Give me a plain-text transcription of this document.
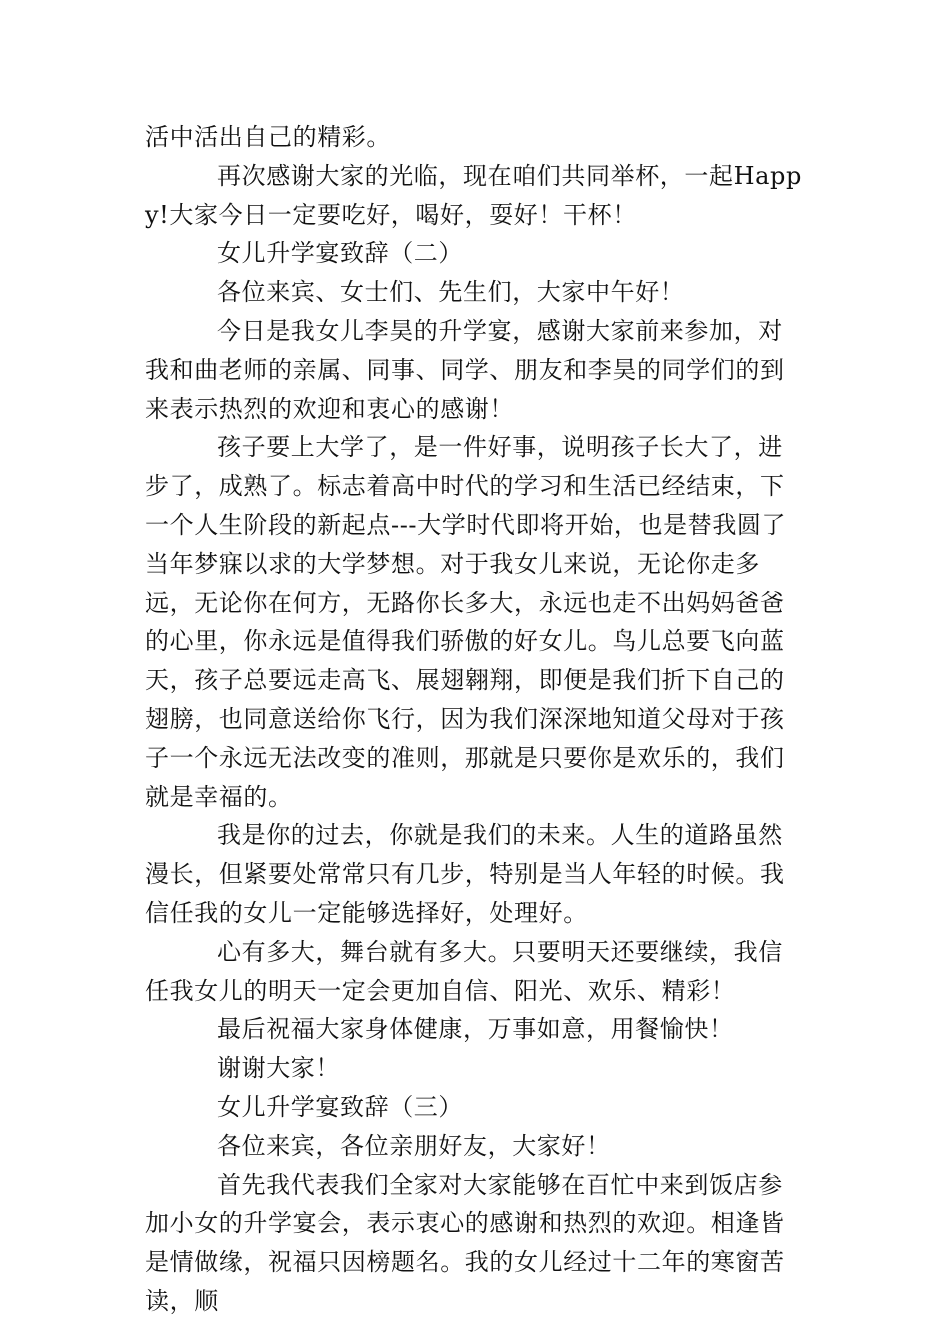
活中活出自己的精彩。

再次感谢大家的光临，现在咱们共同举杯，一起Happy!大家今日一定要吃好，喝好，耍好！干杯！

女儿升学宴致辞（二）

各位来宾、女士们、先生们，大家中午好！

今日是我女儿李昊的升学宴，感谢大家前来参加，对我和曲老师的亲属、同事、同学、朋友和李昊的同学们的到来表示热烈的欢迎和衷心的感谢！

孩子要上大学了，是一件好事，说明孩子长大了，进步了，成熟了。标志着高中时代的学习和生活已经结束，下一个人生阶段的新起点---大学时代即将开始，也是替我圆了当年梦寐以求的大学梦想。对于我女儿来说，无论你走多远，无论你在何方，无路你长多大，永远也走不出妈妈爸爸的心里，你永远是值得我们骄傲的好女儿。鸟儿总要飞向蓝天，孩子总要远走高飞、展翅翱翔，即便是我们折下自己的翅膀，也同意送给你飞行，因为我们深深地知道父母对于孩子一个永远无法改变的准则，那就是只要你是欢乐的，我们就是幸福的。

我是你的过去，你就是我们的未来。人生的道路虽然漫长，但紧要处常常只有几步，特别是当人年轻的时候。我信任我的女儿一定能够选择好，处理好。

心有多大，舞台就有多大。只要明天还要继续，我信任我女儿的明天一定会更加自信、阳光、欢乐、精彩！

最后祝福大家身体健康，万事如意，用餐愉快！

谢谢大家！

女儿升学宴致辞（三）

各位来宾，各位亲朋好友，大家好！

首先我代表我们全家对大家能够在百忙中来到饭店参加小女的升学宴会，表示衷心的感谢和热烈的欢迎。相逢皆是情做缘，祝福只因榜题名。我的女儿经过十二年的寒窗苦读，顺
